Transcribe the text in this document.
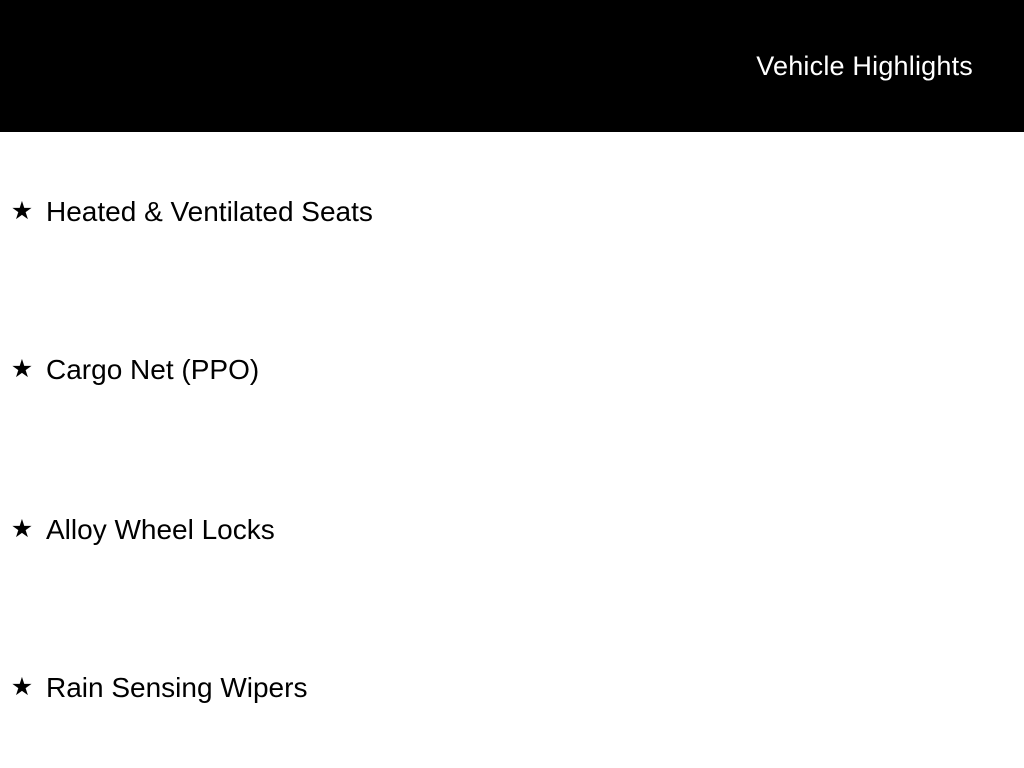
Vehicle Highlights
★ Heated & Ventilated Seats
★ Cargo Net (PPO)
★ Alloy Wheel Locks
★ Rain Sensing Wipers
